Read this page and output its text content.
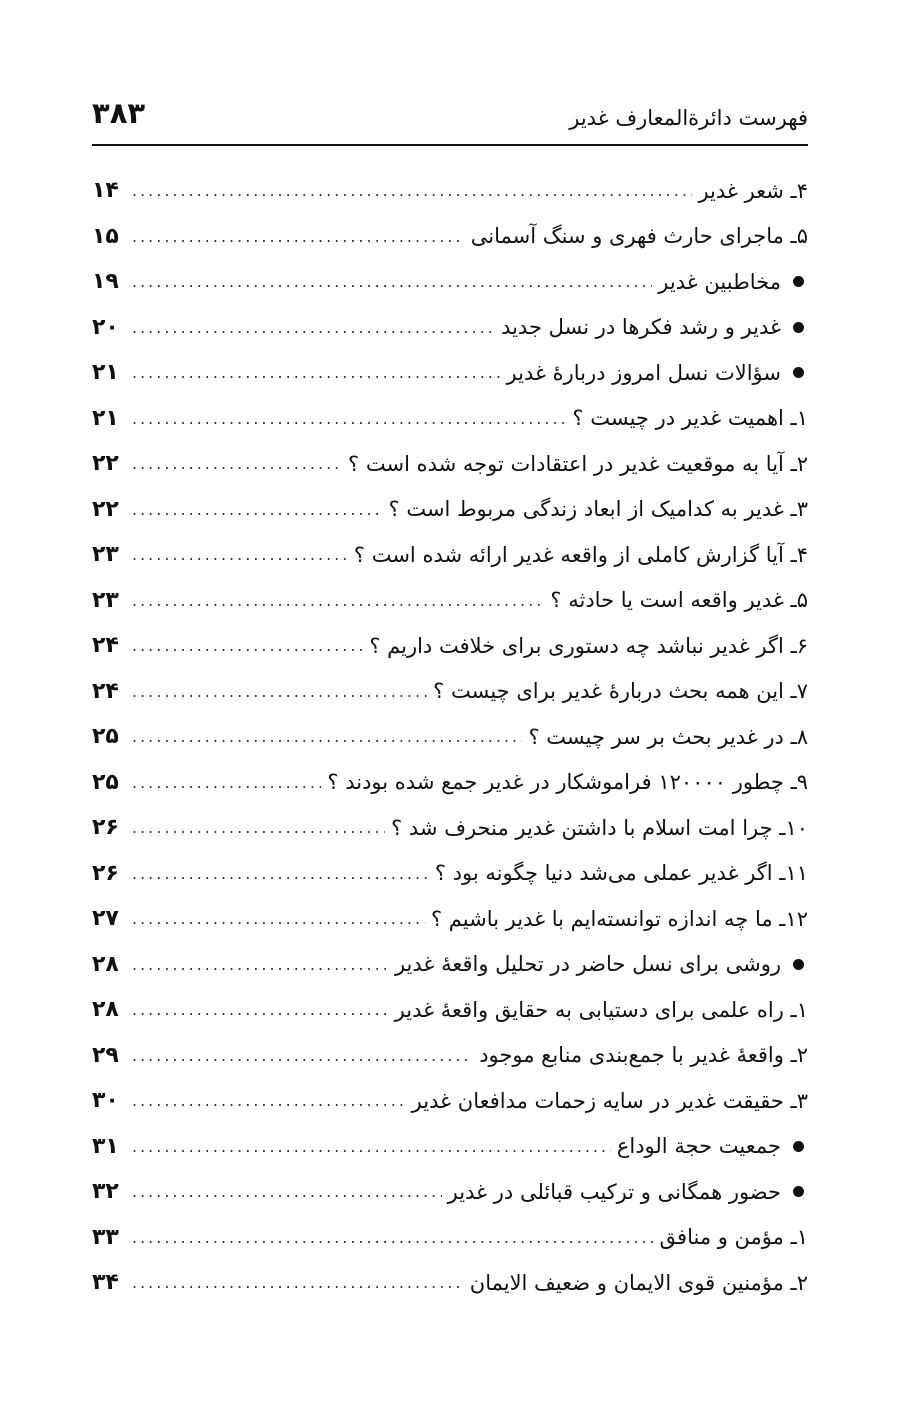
فهرست دائرةالمعارف غدیر
۳۸۳
۴ـ شعر غدیر
.....
۱۴
۵ـ ماجرای حارث فهری و سنگ آسمانی
.....
۱۵
مخاطبین غدیر
.....
۱۹
غدیر و رشد فکرها در نسل جدید
.....
۲۰
سؤالات نسل امروز دربارهٔ غدیر
.....
۲۱
۱ـ اهمیت غدیر در چیست ؟
.....
۲۱
۲ـ آیا به موقعیت غدیر در اعتقادات توجه شده است ؟
.....
۲۲
۳ـ غدیر به کدامیک از ابعاد زندگی مربوط است ؟
.....
۲۲
۴ـ آیا گزارش کاملی از واقعه غدیر ارائه شده است ؟
.....
۲۳
۵ـ غدیر واقعه است یا حادثه ؟
.....
۲۳
۶ـ اگر غدیر نباشد چه دستوری برای خلافت داریم ؟
.....
۲۴
۷ـ این همه بحث دربارهٔ غدیر برای چیست ؟
.....
۲۴
۸ـ در غدیر بحث بر سر چیست ؟
.....
۲۵
۹ـ چطور ۱۲۰۰۰۰ فراموشکار در غدیر جمع شده بودند ؟
.....
۲۵
۱۰ـ چرا امت اسلام با داشتن غدیر منحرف شد ؟
.....
۲۶
۱۱ـ اگر غدیر عملی می‌شد دنیا چگونه بود ؟
.....
۲۶
۱۲ـ ما چه اندازه توانسته‌ایم با غدیر باشیم ؟
.....
۲۷
روشی برای نسل حاضر در تحلیل واقعهٔ غدیر
.....
۲۸
۱ـ راه علمی برای دستیابی به حقایق واقعهٔ غدیر
.....
۲۸
۲ـ واقعهٔ غدیر با جمع‌بندی منابع موجود
.....
۲۹
۳ـ حقیقت غدیر در سایه زحمات مدافعان غدیر
.....
۳۰
جمعیت حجة الوداع
.....
۳۱
حضور همگانی و ترکیب قبائلی در غدیر
.....
۳۲
۱ـ مؤمن و منافق
.....
۳۳
۲ـ مؤمنین قوی الایمان و ضعیف الایمان
.....
۳۴
